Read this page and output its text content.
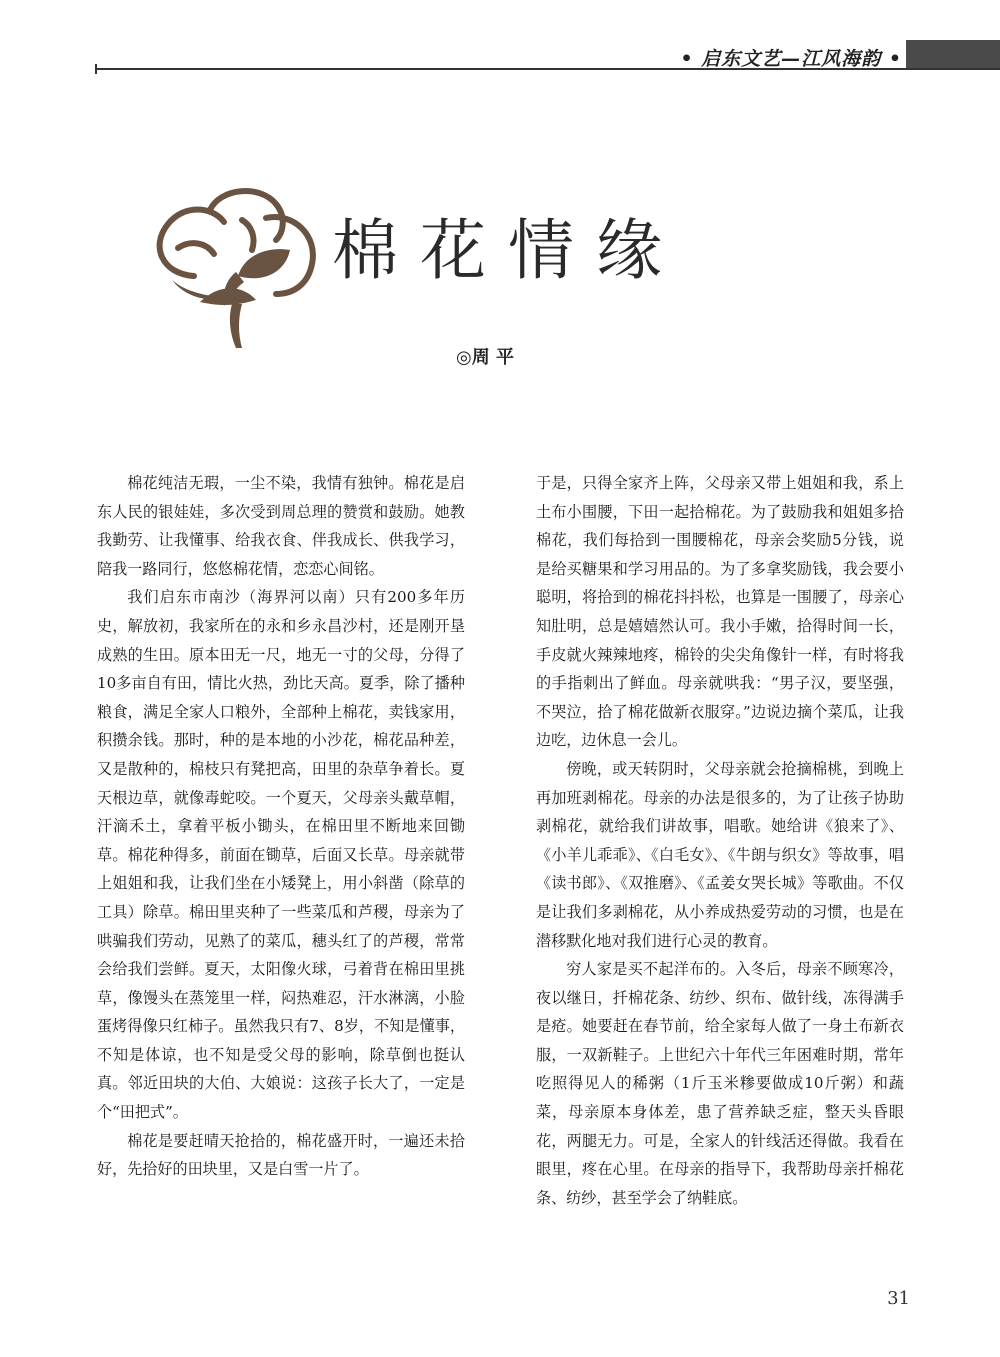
• 启东文艺—江风海韵 •
棉花情缘
◎周 平

棉花纯洁无瑕，一尘不染，我情有独钟。棉花是启东人民的银娃娃，多次受到周总理的赞赏和鼓励。她教我勤劳、让我懂事、给我衣食、伴我成长、供我学习，陪我一路同行，悠悠棉花情，恋恋心间铭。

我们启东市南沙（海界河以南）只有200多年历史，解放初，我家所在的永和乡永昌沙村，还是刚开垦成熟的生田。原本田无一尺，地无一寸的父母，分得了10多亩自有田，情比火热，劲比天高。夏季，除了播种粮食，满足全家人口粮外，全部种上棉花，卖钱家用，积攒余钱。那时，种的是本地的小沙花，棉花品种差，又是散种的，棉枝只有凳把高，田里的杂草争着长。夏天根边草，就像毒蛇咬。一个夏天，父母亲头戴草帽，汗滴禾土，拿着平板小锄头，在棉田里不断地来回锄草。棉花种得多，前面在锄草，后面又长草。母亲就带上姐姐和我，让我们坐在小矮凳上，用小斜凿（除草的工具）除草。棉田里夹种了一些菜瓜和芦稷，母亲为了哄骗我们劳动，见熟了的菜瓜，穗头红了的芦稷，常常会给我们尝鲜。夏天，太阳像火球，弓着背在棉田里挑草，像馒头在蒸笼里一样，闷热难忍，汗水淋漓，小脸蛋烤得像只红柿子。虽然我只有7、8岁，不知是懂事，不知是体谅，也不知是受父母的影响，除草倒也挺认真。邻近田块的大伯、大娘说：这孩子长大了，一定是个“田把式”。

棉花是要赶晴天抢拾的，棉花盛开时，一遍还未拾好，先拾好的田块里，又是白雪一片了。

于是，只得全家齐上阵，父母亲又带上姐姐和我，系上土布小围腰，下田一起拾棉花。为了鼓励我和姐姐多拾棉花，我们每拾到一围腰棉花，母亲会奖励5分钱，说是给买糖果和学习用品的。为了多拿奖励钱，我会要小聪明，将拾到的棉花抖抖松，也算是一围腰了，母亲心知肚明，总是嬉嬉然认可。我小手嫩，拾得时间一长，手皮就火辣辣地疼，棉铃的尖尖角像针一样，有时将我的手指刺出了鲜血。母亲就哄我：“男子汉，要坚强，不哭泣，拾了棉花做新衣服穿。”边说边摘个菜瓜，让我边吃，边休息一会儿。

傍晚，或天转阴时，父母亲就会抢摘棉桃，到晚上再加班剥棉花。母亲的办法是很多的，为了让孩子协助剥棉花，就给我们讲故事，唱歌。她给讲《狼来了》、《小羊儿乖乖》、《白毛女》、《牛朗与织女》等故事，唱《读书郎》、《双推磨》、《孟姜女哭长城》等歌曲。不仅是让我们多剥棉花，从小养成热爱劳动的习惯，也是在潜移默化地对我们进行心灵的教育。

穷人家是买不起洋布的。入冬后，母亲不顾寒冷，夜以继日，扦棉花条、纺纱、织布、做针线，冻得满手是疮。她要赶在春节前，给全家每人做了一身土布新衣服，一双新鞋子。上世纪六十年代三年困难时期，常年吃照得见人的稀粥（1斤玉米糁要做成10斤粥）和蔬菜，母亲原本身体差，患了营养缺乏症，整天头昏眼花，两腿无力。可是，全家人的针线活还得做。我看在眼里，疼在心里。在母亲的指导下，我帮助母亲扦棉花条、纺纱，甚至学会了纳鞋底。

31
